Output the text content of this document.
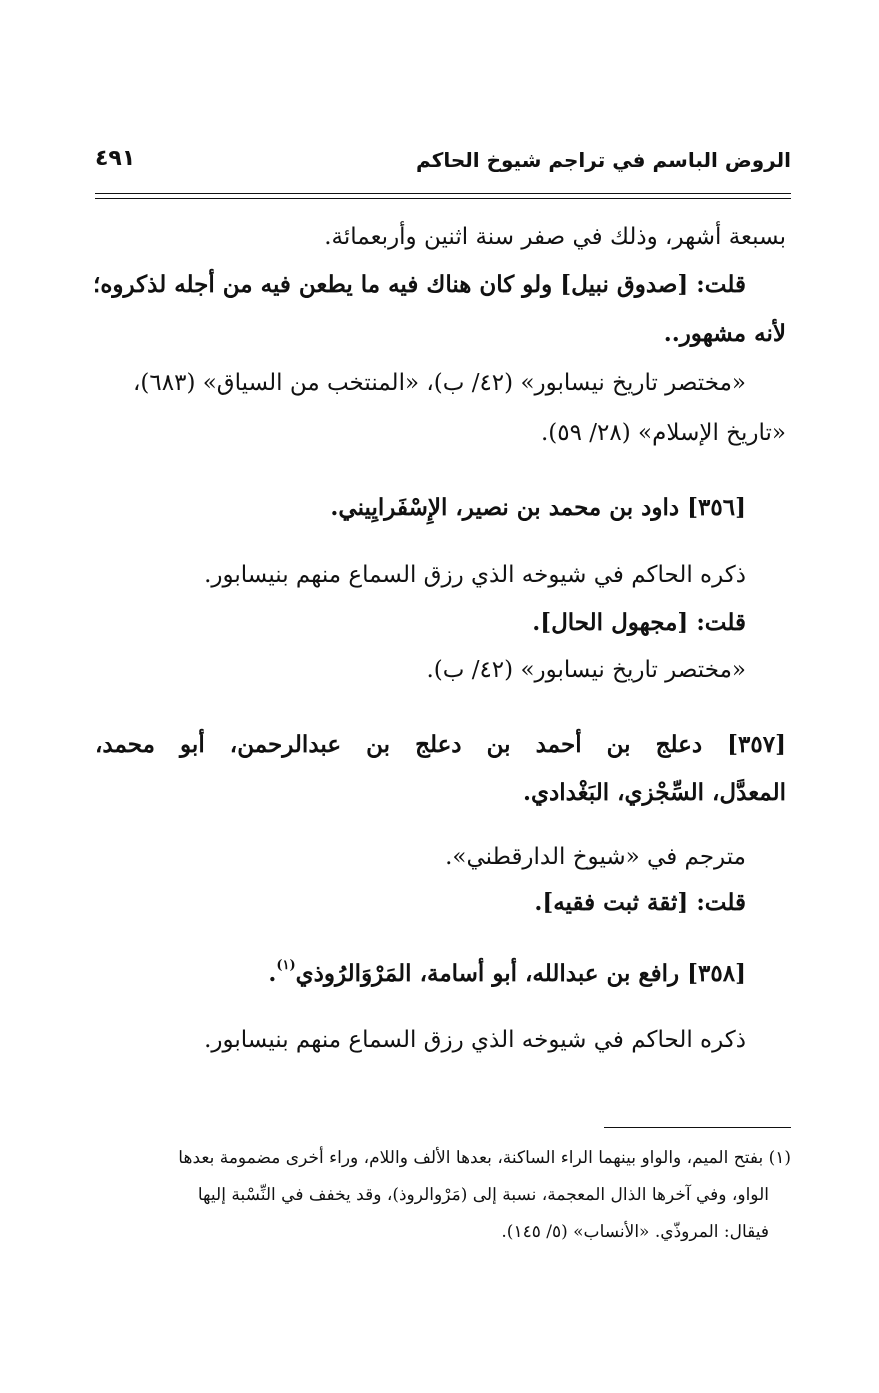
الروض الباسم في تراجم شيوخ الحاكم
٤٩١
بسبعة أشهر، وذلك في صفر سنة اثنين وأربعمائة.
قلت: [صدوق نبيل] ولو كان هناك فيه ما يطعن فيه من أجله لذكروه؛
لأنه مشهور..
«مختصر تاريخ نيسابور» (٤٢/ ب)، «المنتخب من السياق» (٦٨٣)،
«تاريخ الإسلام» (٢٨/ ٥٩).
[٣٥٦] داود بن محمد بن نصير، الإِسْفَرايِيني.
ذكره الحاكم في شيوخه الذي رزق السماع منهم بنيسابور.
قلت: [مجهول الحال].
«مختصر تاريخ نيسابور» (٤٢/ ب).
[٣٥٧] دعلج بن أحمد بن دعلج بن عبدالرحمن، أبو محمد،
المعدَّل، السِّجْزي، البَغْدادي.
مترجم في «شيوخ الدارقطني».
قلت: [ثقة ثبت فقيه].
[٣٥٨] رافع بن عبدالله، أبو أسامة، المَرْوَالرُوذي$^{(١)}$.
ذكره الحاكم في شيوخه الذي رزق السماع منهم بنيسابور.
(١) بفتح الميم، والواو بينهما الراء الساكنة، بعدها الألف واللام، وراء أخرى مضمومة بعدها
الواو، وفي آخرها الذال المعجمة، نسبة إلى (مَرْوالروذ)، وقد يخفف في النِّسْبة إليها
فيقال: المروذّي. «الأنساب» (٥/ ١٤٥).
